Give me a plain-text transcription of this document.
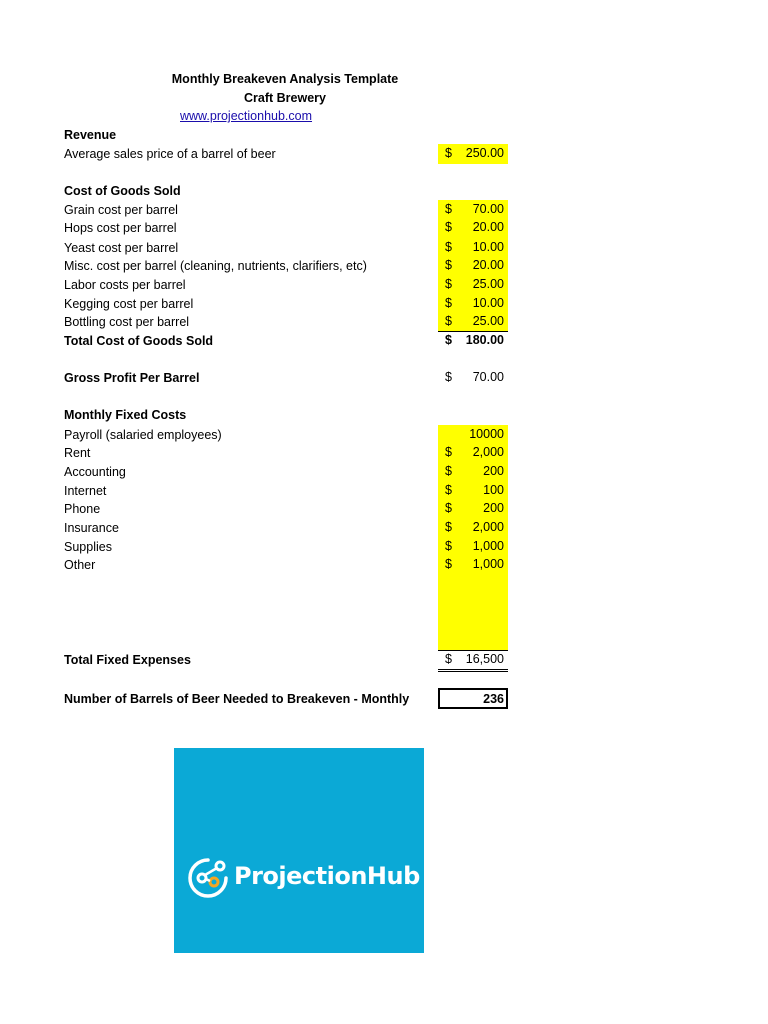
Monthly Breakeven Analysis Template
Craft Brewery
www.projectionhub.com
Revenue
Average sales price of a barrel of beer	$ 250.00
Cost of Goods Sold
Grain cost per barrel	$ 70.00
Hops cost per barrel	$ 20.00
Yeast cost per barrel	$ 10.00
Misc. cost per barrel (cleaning, nutrients, clarifiers, etc)	$ 20.00
Labor costs per barrel	$ 25.00
Kegging cost per barrel	$ 10.00
Bottling cost per barrel	$ 25.00
Total Cost of Goods Sold	$ 180.00
Gross Profit Per Barrel	$ 70.00
Monthly Fixed Costs
Payroll (salaried employees)	10000
Rent	$ 2,000
Accounting	$ 200
Internet	$ 100
Phone	$ 200
Insurance	$ 2,000
Supplies	$ 1,000
Other	$ 1,000
Total Fixed Expenses	$ 16,500
Number of Barrels of Beer Needed to Breakeven - Monthly	236
ProjectionHub
